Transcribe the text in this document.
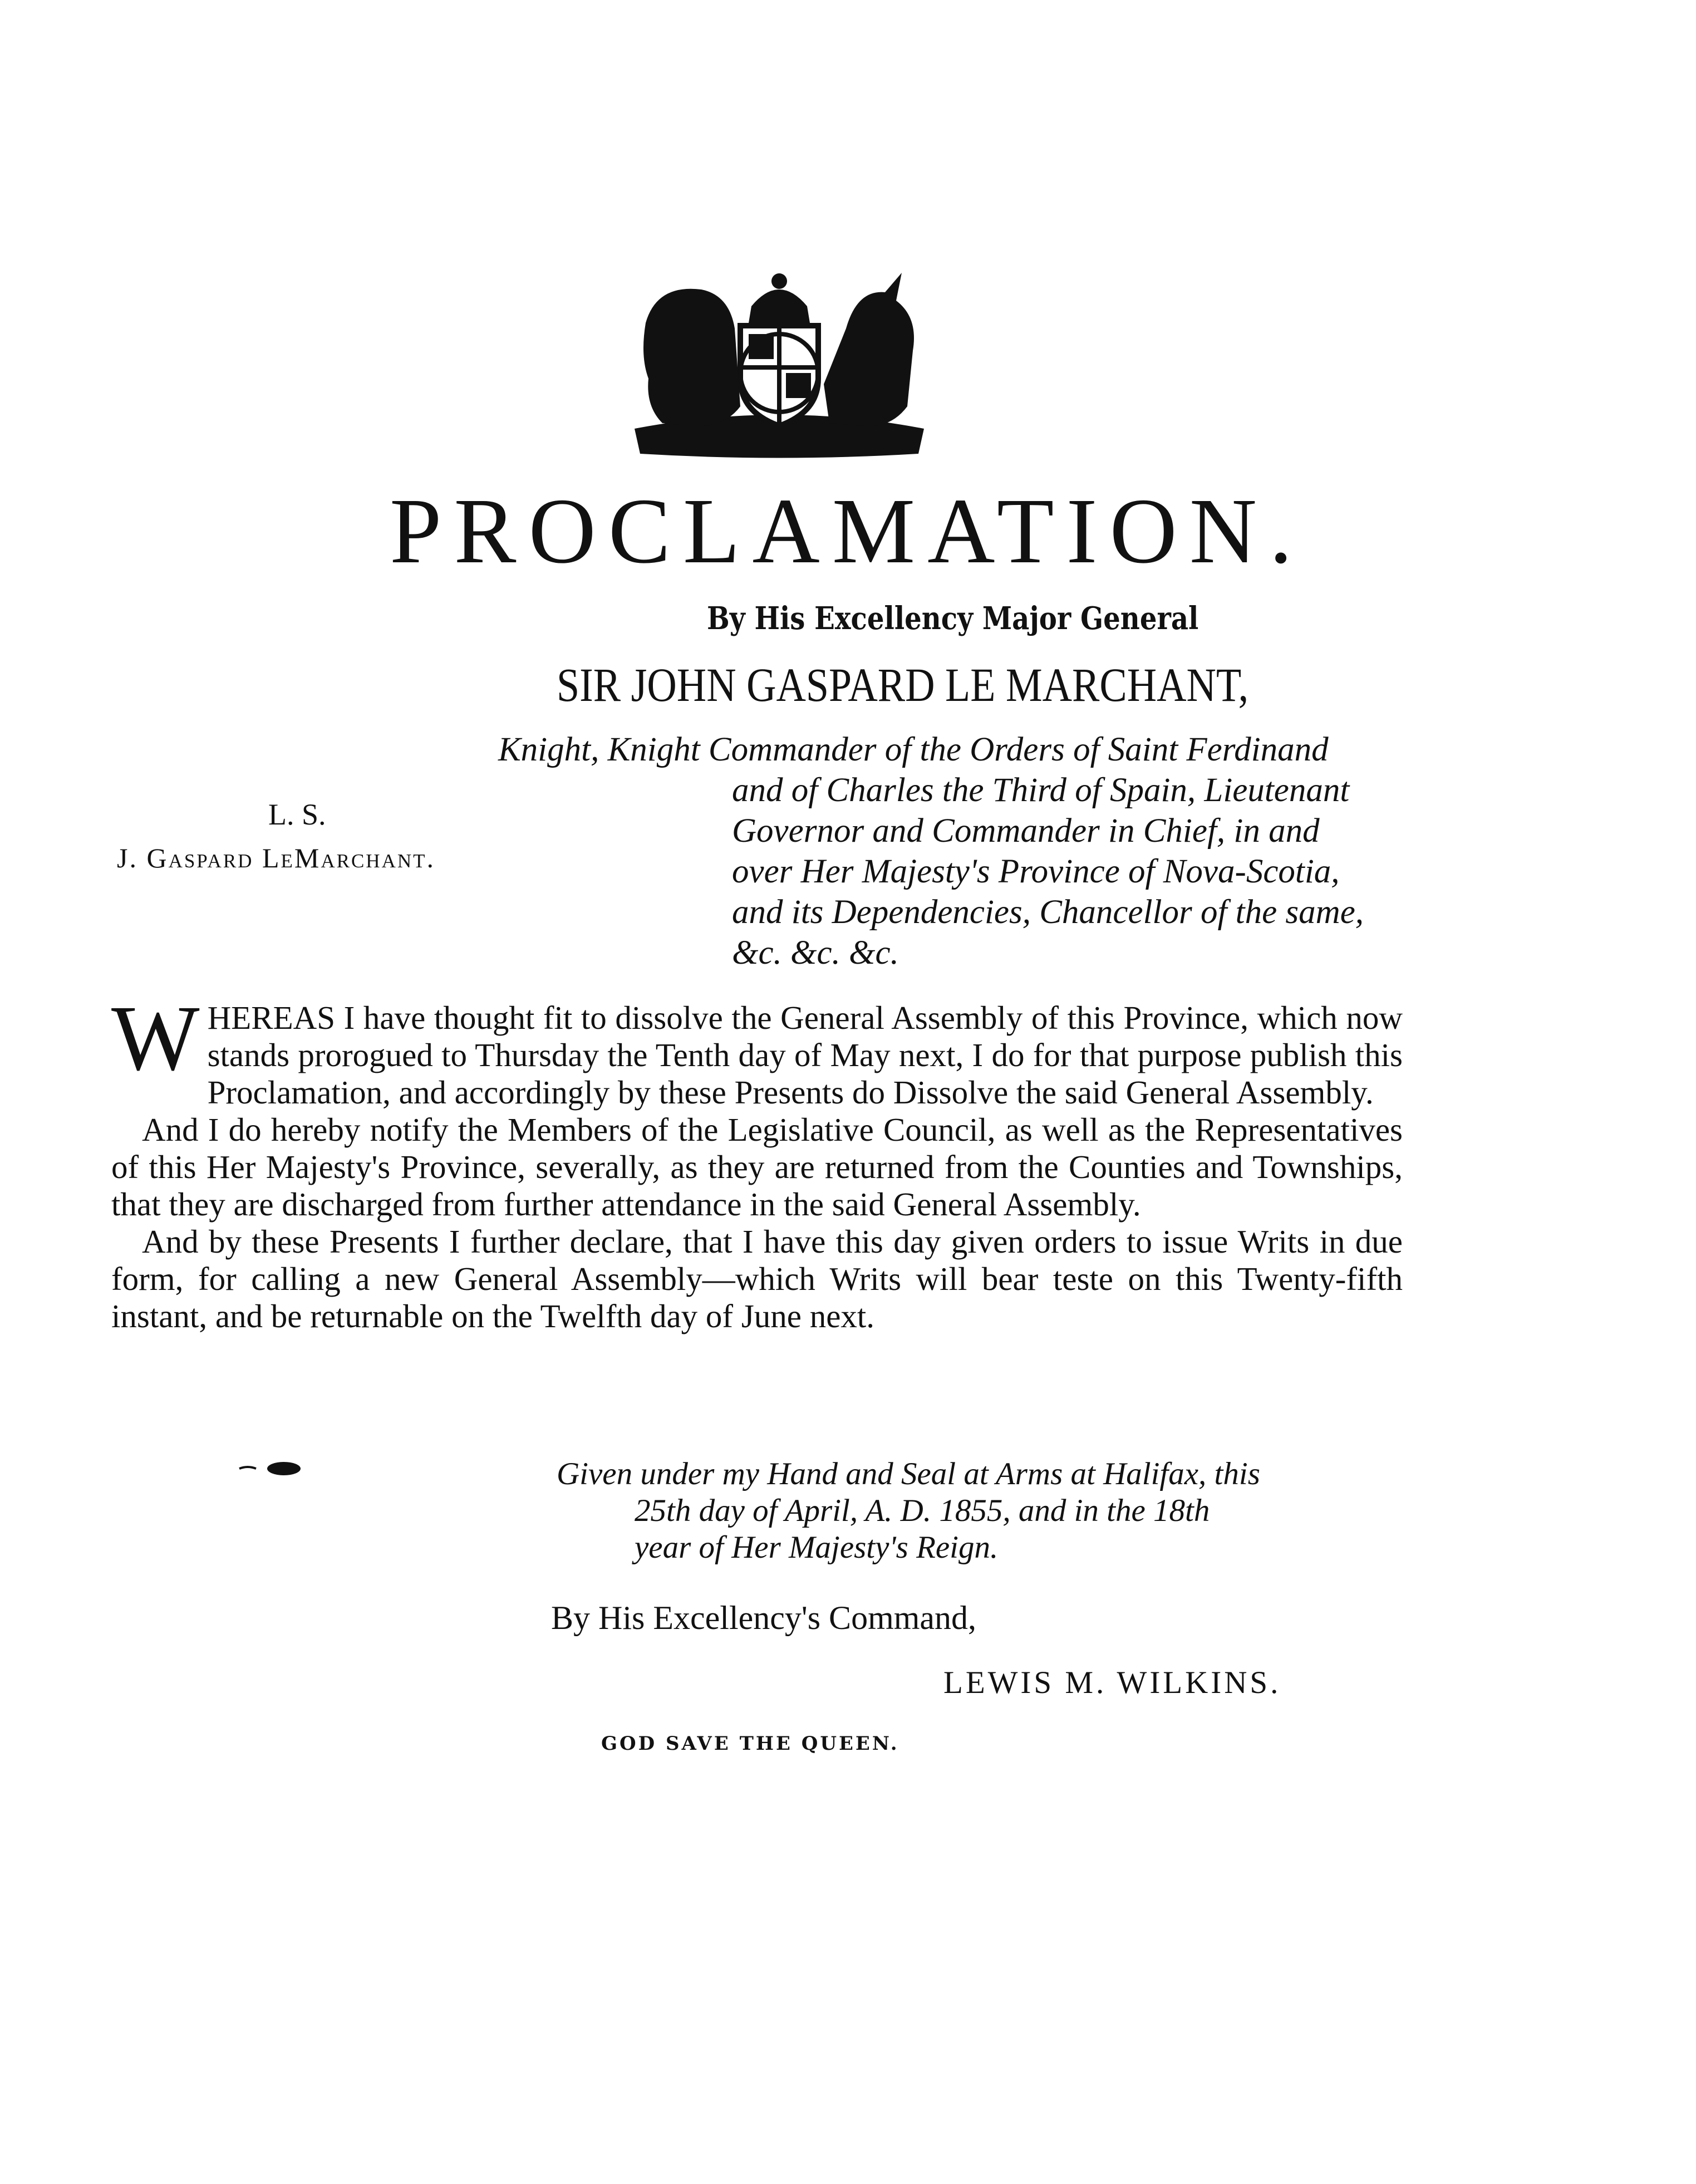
PROCLAMATION.
By His Excellency Major General
SIR JOHN GASPARD LE MARCHANT,
Knight, Knight Commander of the Orders of Saint Ferdinand
and of Charles the Third of Spain, Lieutenant
Governor and Commander in Chief, in and
over Her Majesty's Province of Nova-Scotia,
and its Dependencies, Chancellor of the same,
&c. &c. &c.
L. S.
J. Gaspard LeMarchant.

WHEREAS I have thought fit to dissolve the General Assembly of this Province, which now stands prorogued to Thursday the Tenth day of May next, I do for that purpose publish this Proclamation, and accordingly by these Presents do Dissolve the said General Assembly.

And I do hereby notify the Members of the Legislative Council, as well as the Representatives of this Her Majesty's Province, severally, as they are returned from the Counties and Townships, that they are discharged from further attendance in the said General Assembly.

And by these Presents I further declare, that I have this day given orders to issue Writs in due form, for calling a new General Assembly—which Writs will bear teste on this Twenty-fifth instant, and be returnable on the Twelfth day of June next.

Given under my Hand and Seal at Arms at Halifax, this
25th day of April, A. D. 1855, and in the 18th
year of Her Majesty's Reign.
By His Excellency's Command,
LEWIS M. WILKINS.
GOD SAVE THE QUEEN.
